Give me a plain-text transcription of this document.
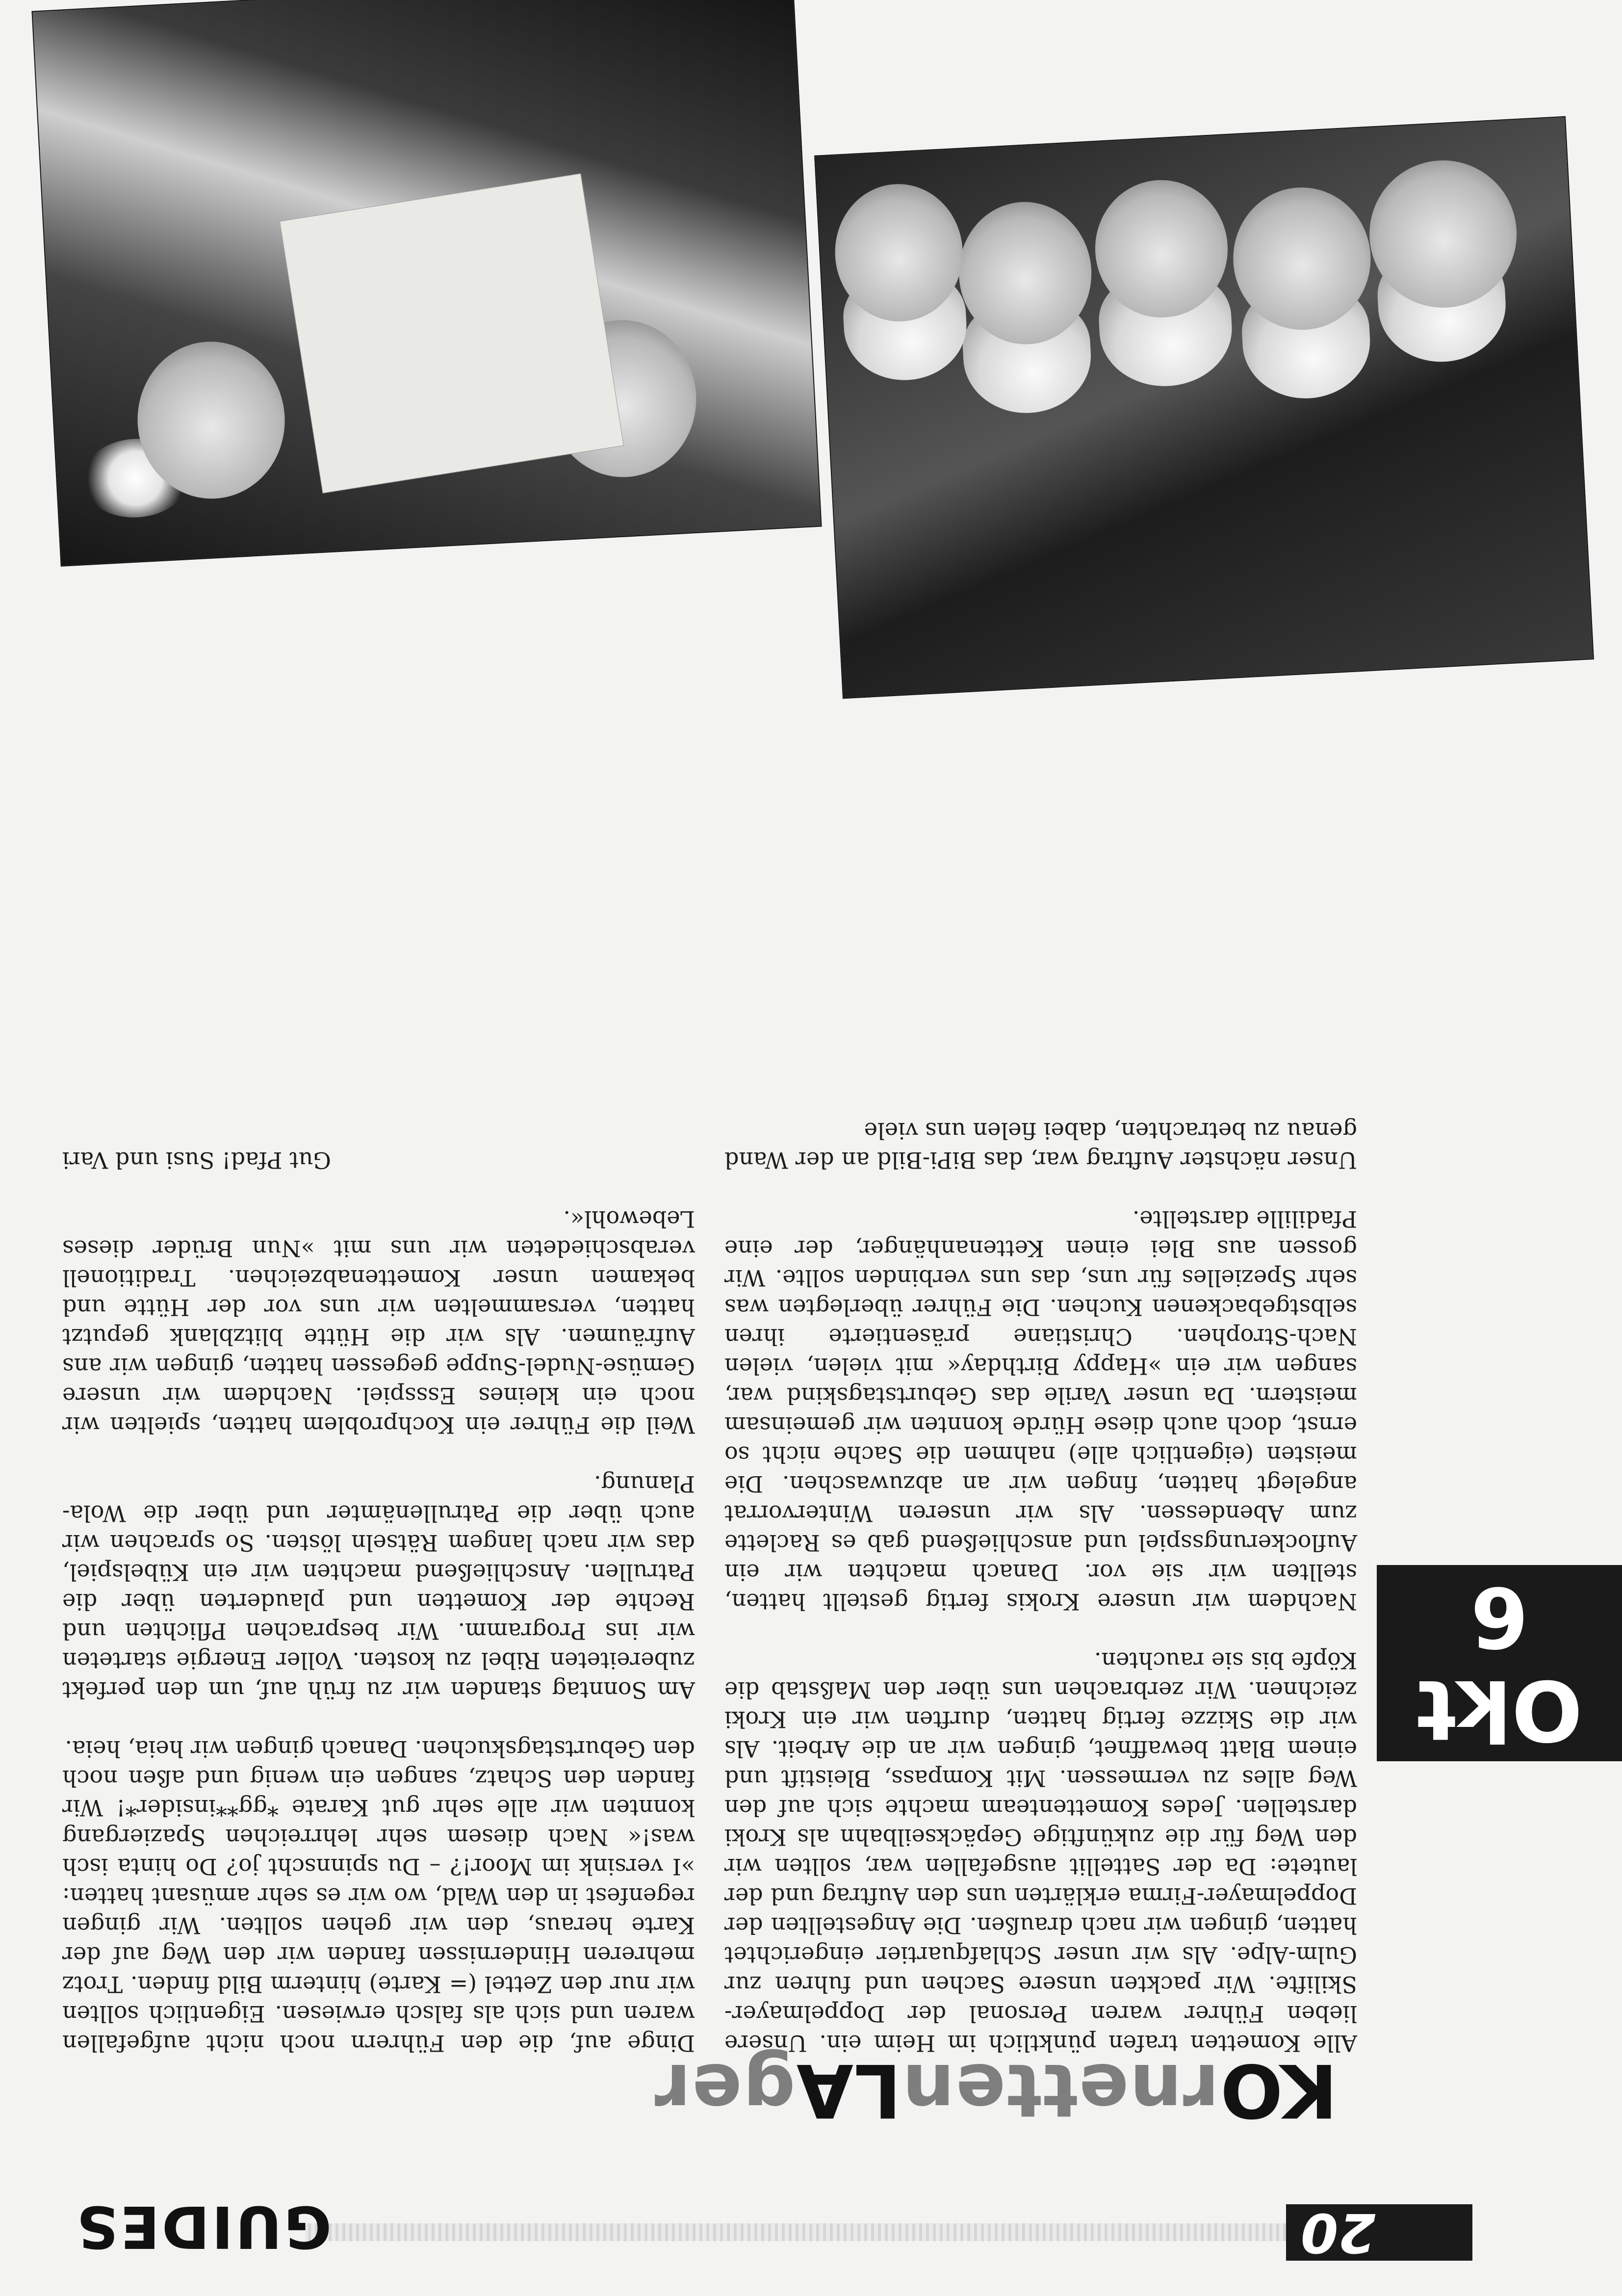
20
GUIDES
Okt
6
KOrnettenLAger

Alle Kometten trafen pünktlich im Heim ein. Unsere lieben Führer waren Personal der Doppelmayer-Skilifte. Wir packten unsere Sachen und fuhren zur Gulm-Alpe. Als wir unser Schlafquartier eingerichtet hatten, gingen wir nach draußen. Die Angestellten der Doppelmayer-Firma erklärten uns den Auftrag und der lautete: Da der Sattellit ausgefallen war, sollten wir den Weg für die zukünftige Gepäckseilbahn als Kroki darstellen. Jedes Komettenteam machte sich auf den Weg alles zu vermessen. Mit Kompass, Bleistift und einem Blatt bewaffnet, gingen wir an die Arbeit. Als wir die Skizze fertig hatten, durften wir ein Kroki zeichnen. Wir zerbrachen uns über den Maßstab die Köpfe bis sie rauchten.

Nachdem wir unsere Krokis fertig gestellt hatten, stellten wir sie vor. Danach machten wir ein Auflockerungsspiel und anschließend gab es Raclette zum Abendessen. Als wir unseren Wintervorrat angelegt hatten, fingen wir an abzuwaschen. Die meisten (eigentlich alle) nahmen die Sache nicht so ernst, doch auch diese Hürde konnten wir gemeinsam meistern. Da unser Varile das Geburtstagskind war, sangen wir ein »Happy Birthday« mit vielen, vielen Nach-Strophen. Christiane präsentierte ihren selbstgebackenen Kuchen. Die Führer überlegten was sehr Spezielles für uns, das uns verbinden sollte. Wir gossen aus Blei einen Kettenanhänger, der eine Pfadilille darstellte.

Unser nächster Auftrag war, das BiPi-Bild an der Wand genau zu betrachten, dabei fielen uns viele

Dinge auf, die den Führern noch nicht aufgefallen waren und sich als falsch erwiesen. Eigentlich sollten wir nur den Zettel (= Karte) hinterm Bild finden. Trotz mehreren Hindernissen fanden wir den Weg auf der Karte heraus, den wir gehen sollten. Wir gingen regenfest in den Wald, wo wir es sehr amüsant hatten: »I versink im Moor!? – Du spinnscht jo? Do hinta isch was!« Nach diesem sehr lehrreichen Spaziergang konnten wir alle sehr gut Karate *gg**insider*! Wir fanden den Schatz, sangen ein wenig und aßen noch den Geburtstagskuchen. Danach gingen wir heia, heia.

Am Sonntag standen wir zu früh auf, um den perfekt zubereiteten Ribel zu kosten. Voller Energie starteten wir ins Programm. Wir besprachen Pflichten und Rechte der Kometten und plauderten über die Patrullen. Anschließend machten wir ein Kübelspiel, das wir nach langem Rätseln lösten. So sprachen wir auch über die Patrullenämter und über die Wola-Planung.

Weil die Führer ein Kochproblem hatten, spielten wir noch ein kleines Essspiel. Nachdem wir unsere Gemüse-Nudel-Suppe gegessen hatten, gingen wir ans Aufräumen. Als wir die Hütte blitzblank geputzt hatten, versammelten wir uns vor der Hütte und bekamen unser Komettenabzeichen. Traditionell verabschiedeten wir uns mit »Nun Brüder dieses Lebewohl«.

Gut Pfad! Susi und Vari
